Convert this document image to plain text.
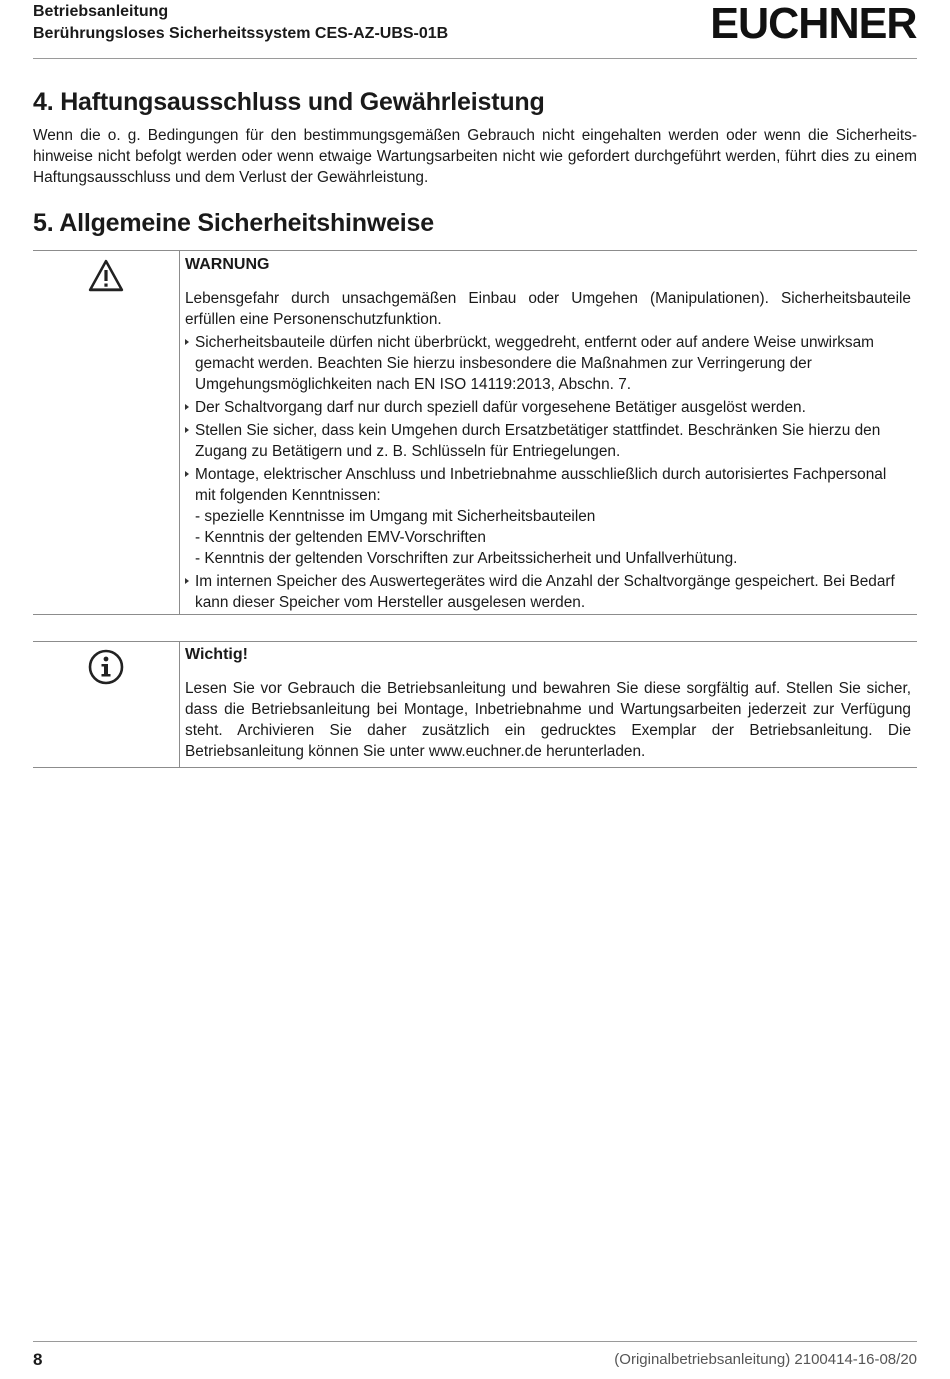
Betriebsanleitung
Berührungsloses Sicherheitssystem CES-AZ-UBS-01B	EUCHNER
4. Haftungsausschluss und Gewährleistung

Wenn die o. g. Bedingungen für den bestimmungsgemäßen Gebrauch nicht eingehalten werden oder wenn die Sicherheitshinweise nicht befolgt werden oder wenn etwaige Wartungsarbeiten nicht wie gefordert durchgeführt werden, führt dies zu einem Haftungsausschluss und dem Verlust der Gewährleistung.

5. Allgemeine Sicherheitshinweise
WARNUNG
Lebensgefahr durch unsachgemäßen Einbau oder Umgehen (Manipulationen). Sicherheitsbauteile erfüllen eine Personenschutzfunktion.
Sicherheitsbauteile dürfen nicht überbrückt, weggedreht, entfernt oder auf andere Weise unwirksam gemacht werden. Beachten Sie hierzu insbesondere die Maßnahmen zur Verringerung der Umgehungsmöglichkeiten nach EN ISO 14119:2013, Abschn. 7.
Der Schaltvorgang darf nur durch speziell dafür vorgesehene Betätiger ausgelöst werden.
Stellen Sie sicher, dass kein Umgehen durch Ersatzbetätiger stattfindet. Beschränken Sie hierzu den Zugang zu Betätigern und z. B. Schlüsseln für Entriegelungen.
Montage, elektrischer Anschluss und Inbetriebnahme ausschließlich durch autorisiertes Fachpersonal mit folgenden Kenntnissen:
- spezielle Kenntnisse im Umgang mit Sicherheitsbauteilen
- Kenntnis der geltenden EMV-Vorschriften
- Kenntnis der geltenden Vorschriften zur Arbeitssicherheit und Unfallverhütung.
Im internen Speicher des Auswertegerätes wird die Anzahl der Schaltvorgänge gespeichert. Bei Bedarf kann dieser Speicher vom Hersteller ausgelesen werden.
Wichtig!
Lesen Sie vor Gebrauch die Betriebsanleitung und bewahren Sie diese sorgfältig auf. Stellen Sie sicher, dass die Betriebsanleitung bei Montage, Inbetriebnahme und Wartungsarbeiten jederzeit zur Verfügung steht. Archivieren Sie daher zusätzlich ein gedrucktes Exemplar der Betriebsanleitung. Die Betriebsanleitung können Sie unter www.euchner.de herunterladen.
8	(Originalbetriebsanleitung) 2100414-16-08/20
